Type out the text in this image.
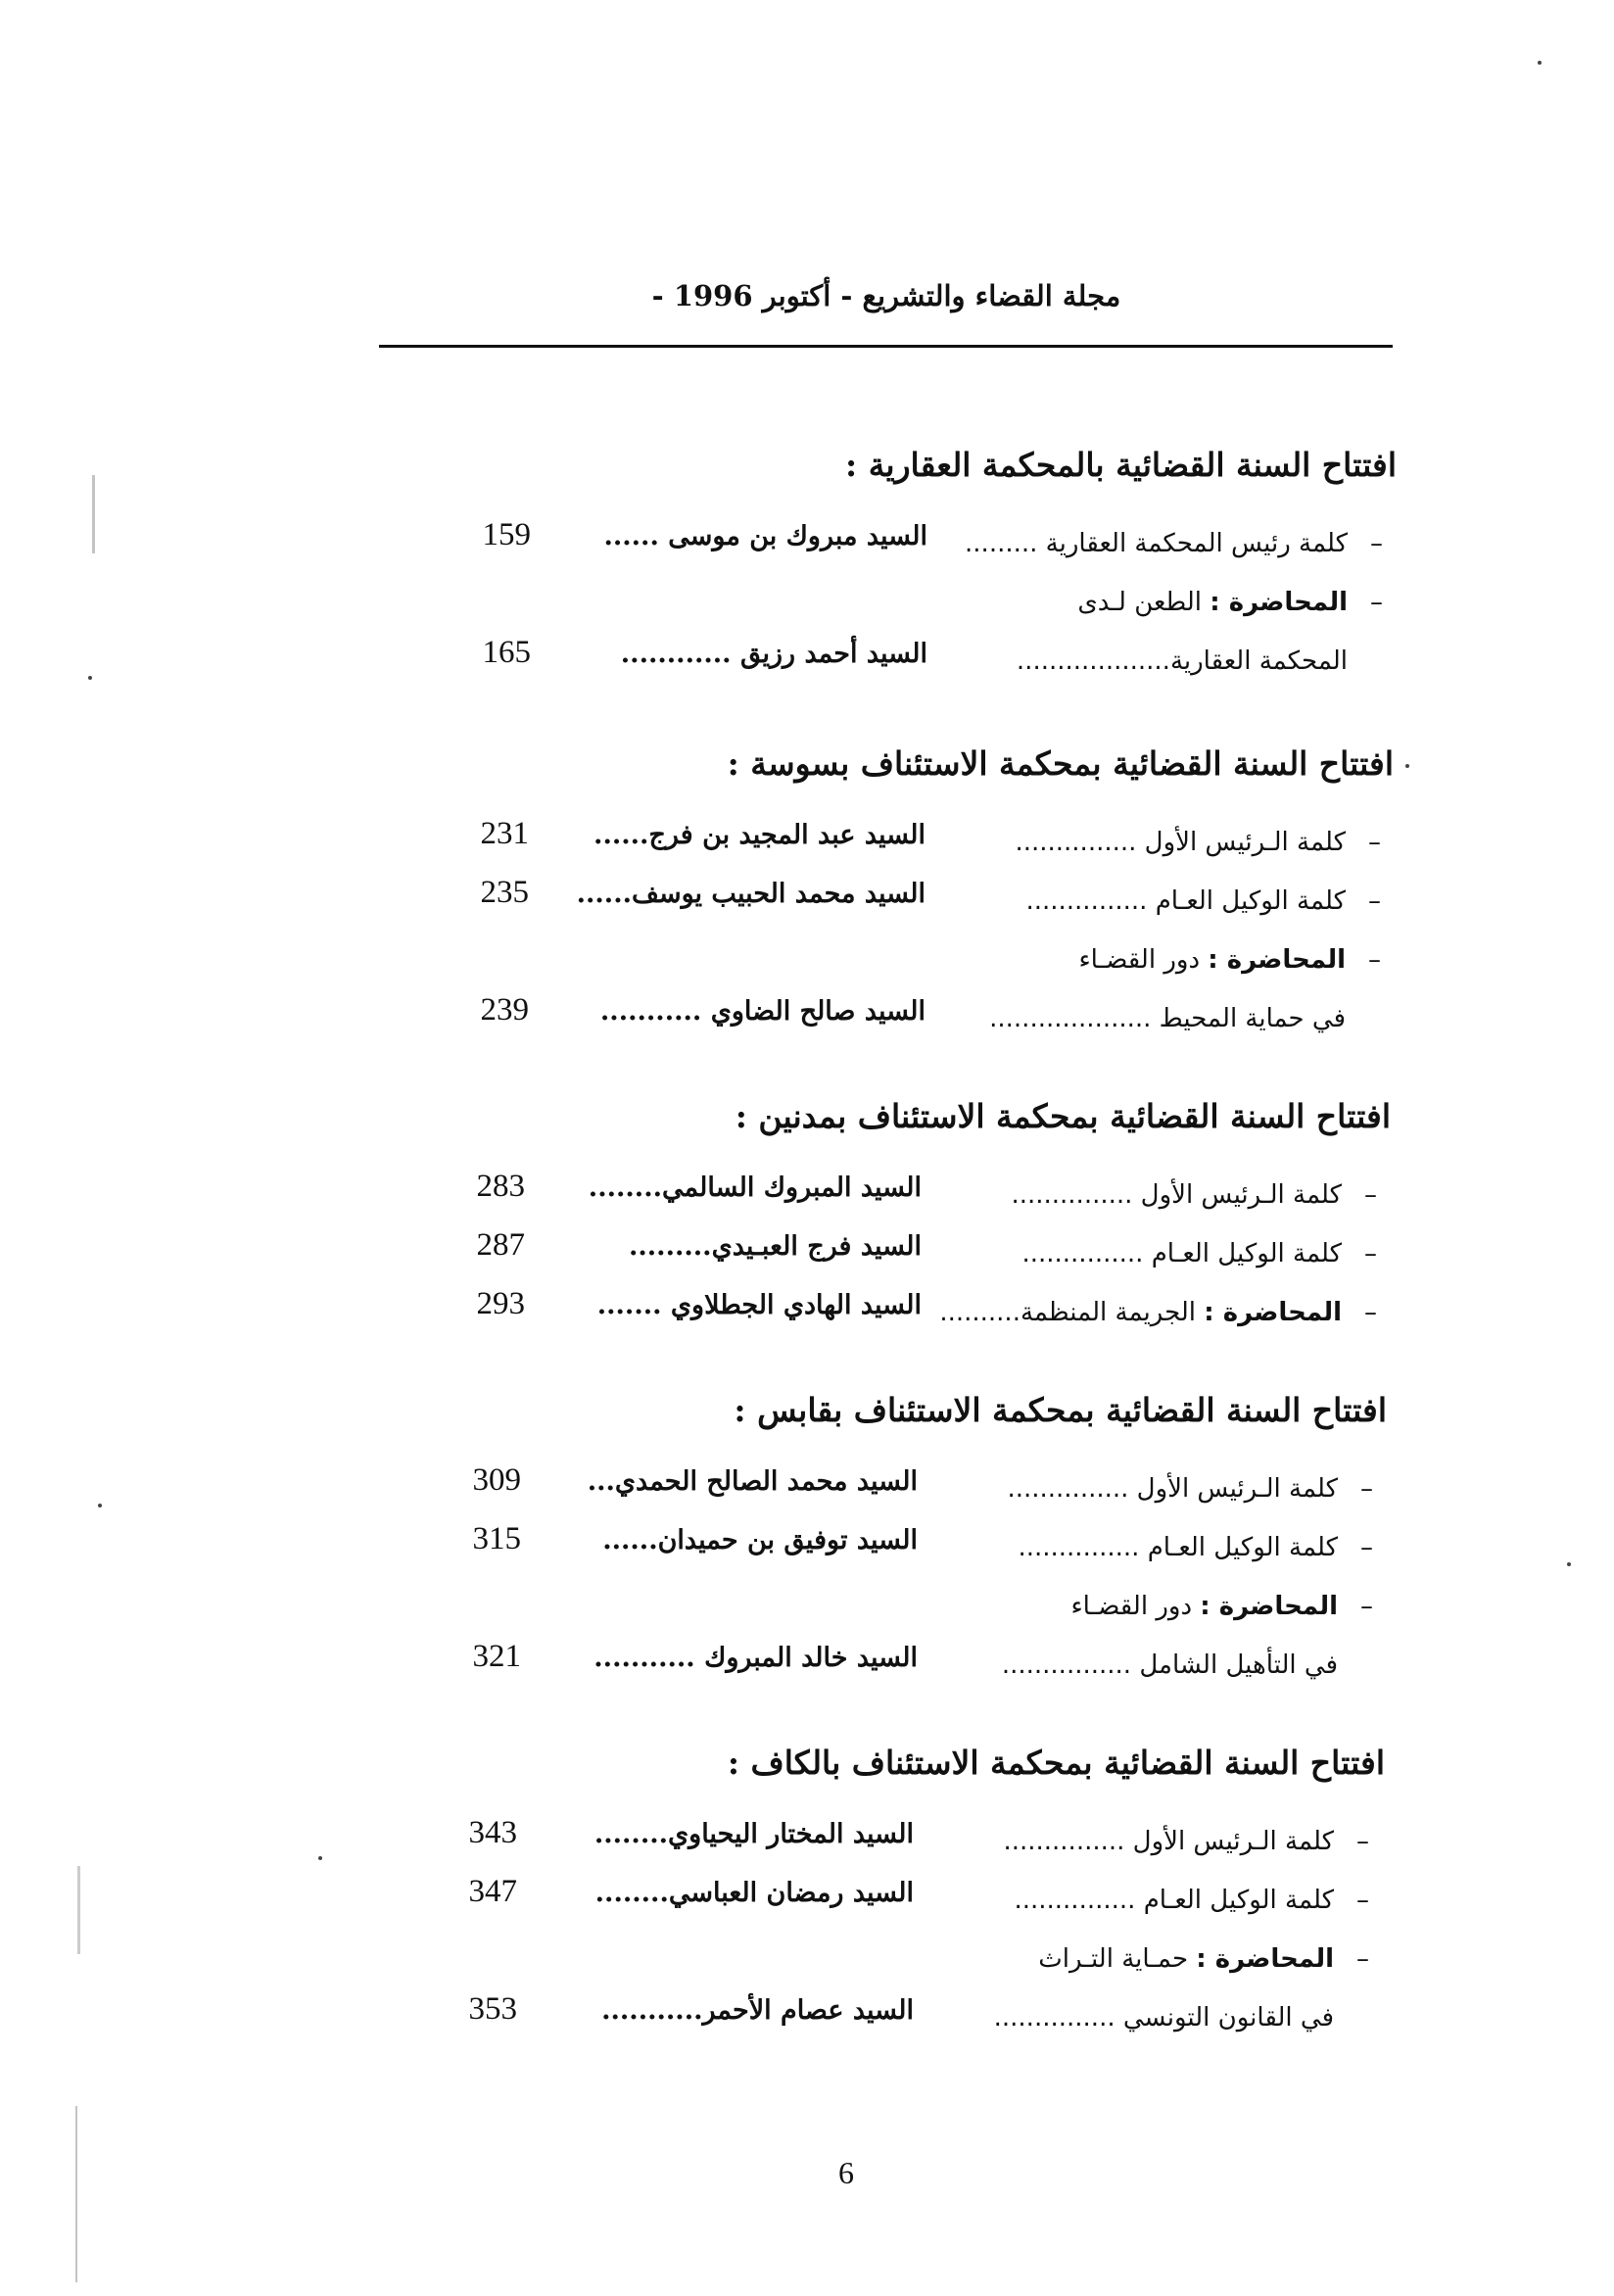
مجلة القضاء والتشريع - أكتوبر 1996 -
افتتاح السنة القضائية بالمحكمة العقارية :
–كلمة رئيس المحكمة العقارية .........
السيد مبروك بن موسى ......
159
–المحاضرة : الطعن لـدى
المحكمة العقارية...................
السيد أحمد رزيق ............
165
افتتاح السنة القضائية بمحكمة الاستئناف بسوسة :
–كلمة الـرئيس الأول ...............
السيد عبد المجيد بن فرج......
231
–كلمة الوكيل العـام ...............
السيد محمد الحبيب يوسف......
235
–المحاضرة : دور القضـاء
في حماية المحيط ....................
السيد صالح الضاوي ...........
239
افتتاح السنة القضائية بمحكمة الاستئناف بمدنين :
–كلمة الـرئيس الأول ...............
السيد المبروك السالمي........
283
–كلمة الوكيل العـام ...............
السيد فرج العبـيدي.........
287
–المحاضرة : الجريمة المنظمة..........
السيد الهادي الجطلاوي .......
293
افتتاح السنة القضائية بمحكمة الاستئناف بقابس :
–كلمة الـرئيس الأول ...............
السيد محمد الصالح الحمدي...
309
–كلمة الوكيل العـام ...............
السيد توفيق بن حميدان......
315
–المحاضرة : دور القضـاء
في التأهيل الشامل ................
السيد خالد المبروك ...........
321
افتتاح السنة القضائية بمحكمة الاستئناف بالكاف :
–كلمة الـرئيس الأول ...............
السيد المختار اليحياوي........
343
–كلمة الوكيل العـام ...............
السيد رمضان العباسي........
347
–المحاضرة : حمـاية التـراث
في القانون التونسي ...............
السيد عصام الأحمر...........
353
6
